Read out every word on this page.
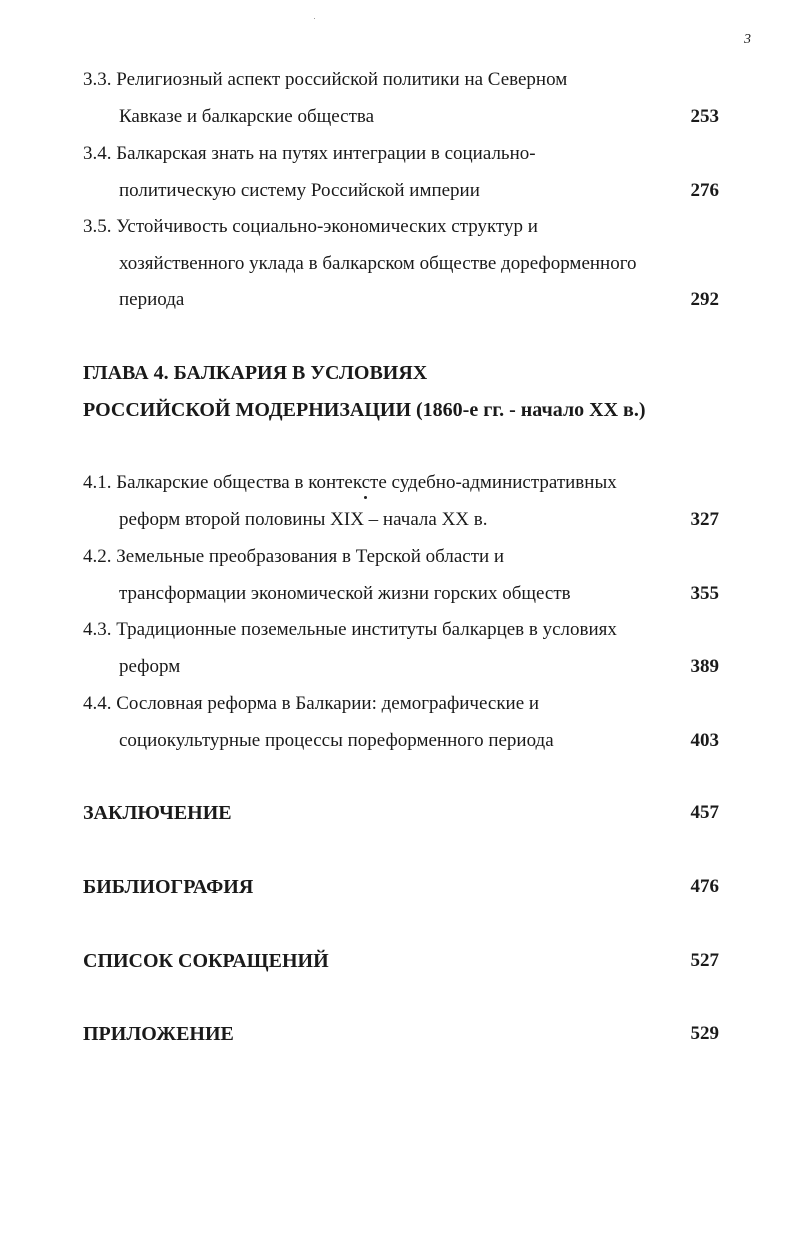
3
3.3. Религиозный аспект российской политики на Северном
Кавказе и балкарские общества	253
3.4. Балкарская знать на путях интеграции в социально-
политическую систему Российской империи	276
3.5. Устойчивость социально-экономических структур и
хозяйственного уклада в балкарском обществе дореформенного
периода	292
ГЛАВА 4. БАЛКАРИЯ В УСЛОВИЯХ
РОССИЙСКОЙ МОДЕРНИЗАЦИИ (1860-е гг. - начало XX в.)
4.1. Балкарские общества в контексте судебно-административных
реформ второй половины XIX – начала XX в.	327
4.2. Земельные преобразования в Терской области и
трансформации экономической жизни горских обществ	355
4.3. Традиционные поземельные институты балкарцев в условиях
реформ	389
4.4. Сословная реформа в Балкарии: демографические и
социокультурные процессы пореформенного периода	403
ЗАКЛЮЧЕНИЕ	457
БИБЛИОГРАФИЯ	476
СПИСОК СОКРАЩЕНИЙ	527
ПРИЛОЖЕНИЕ	529
